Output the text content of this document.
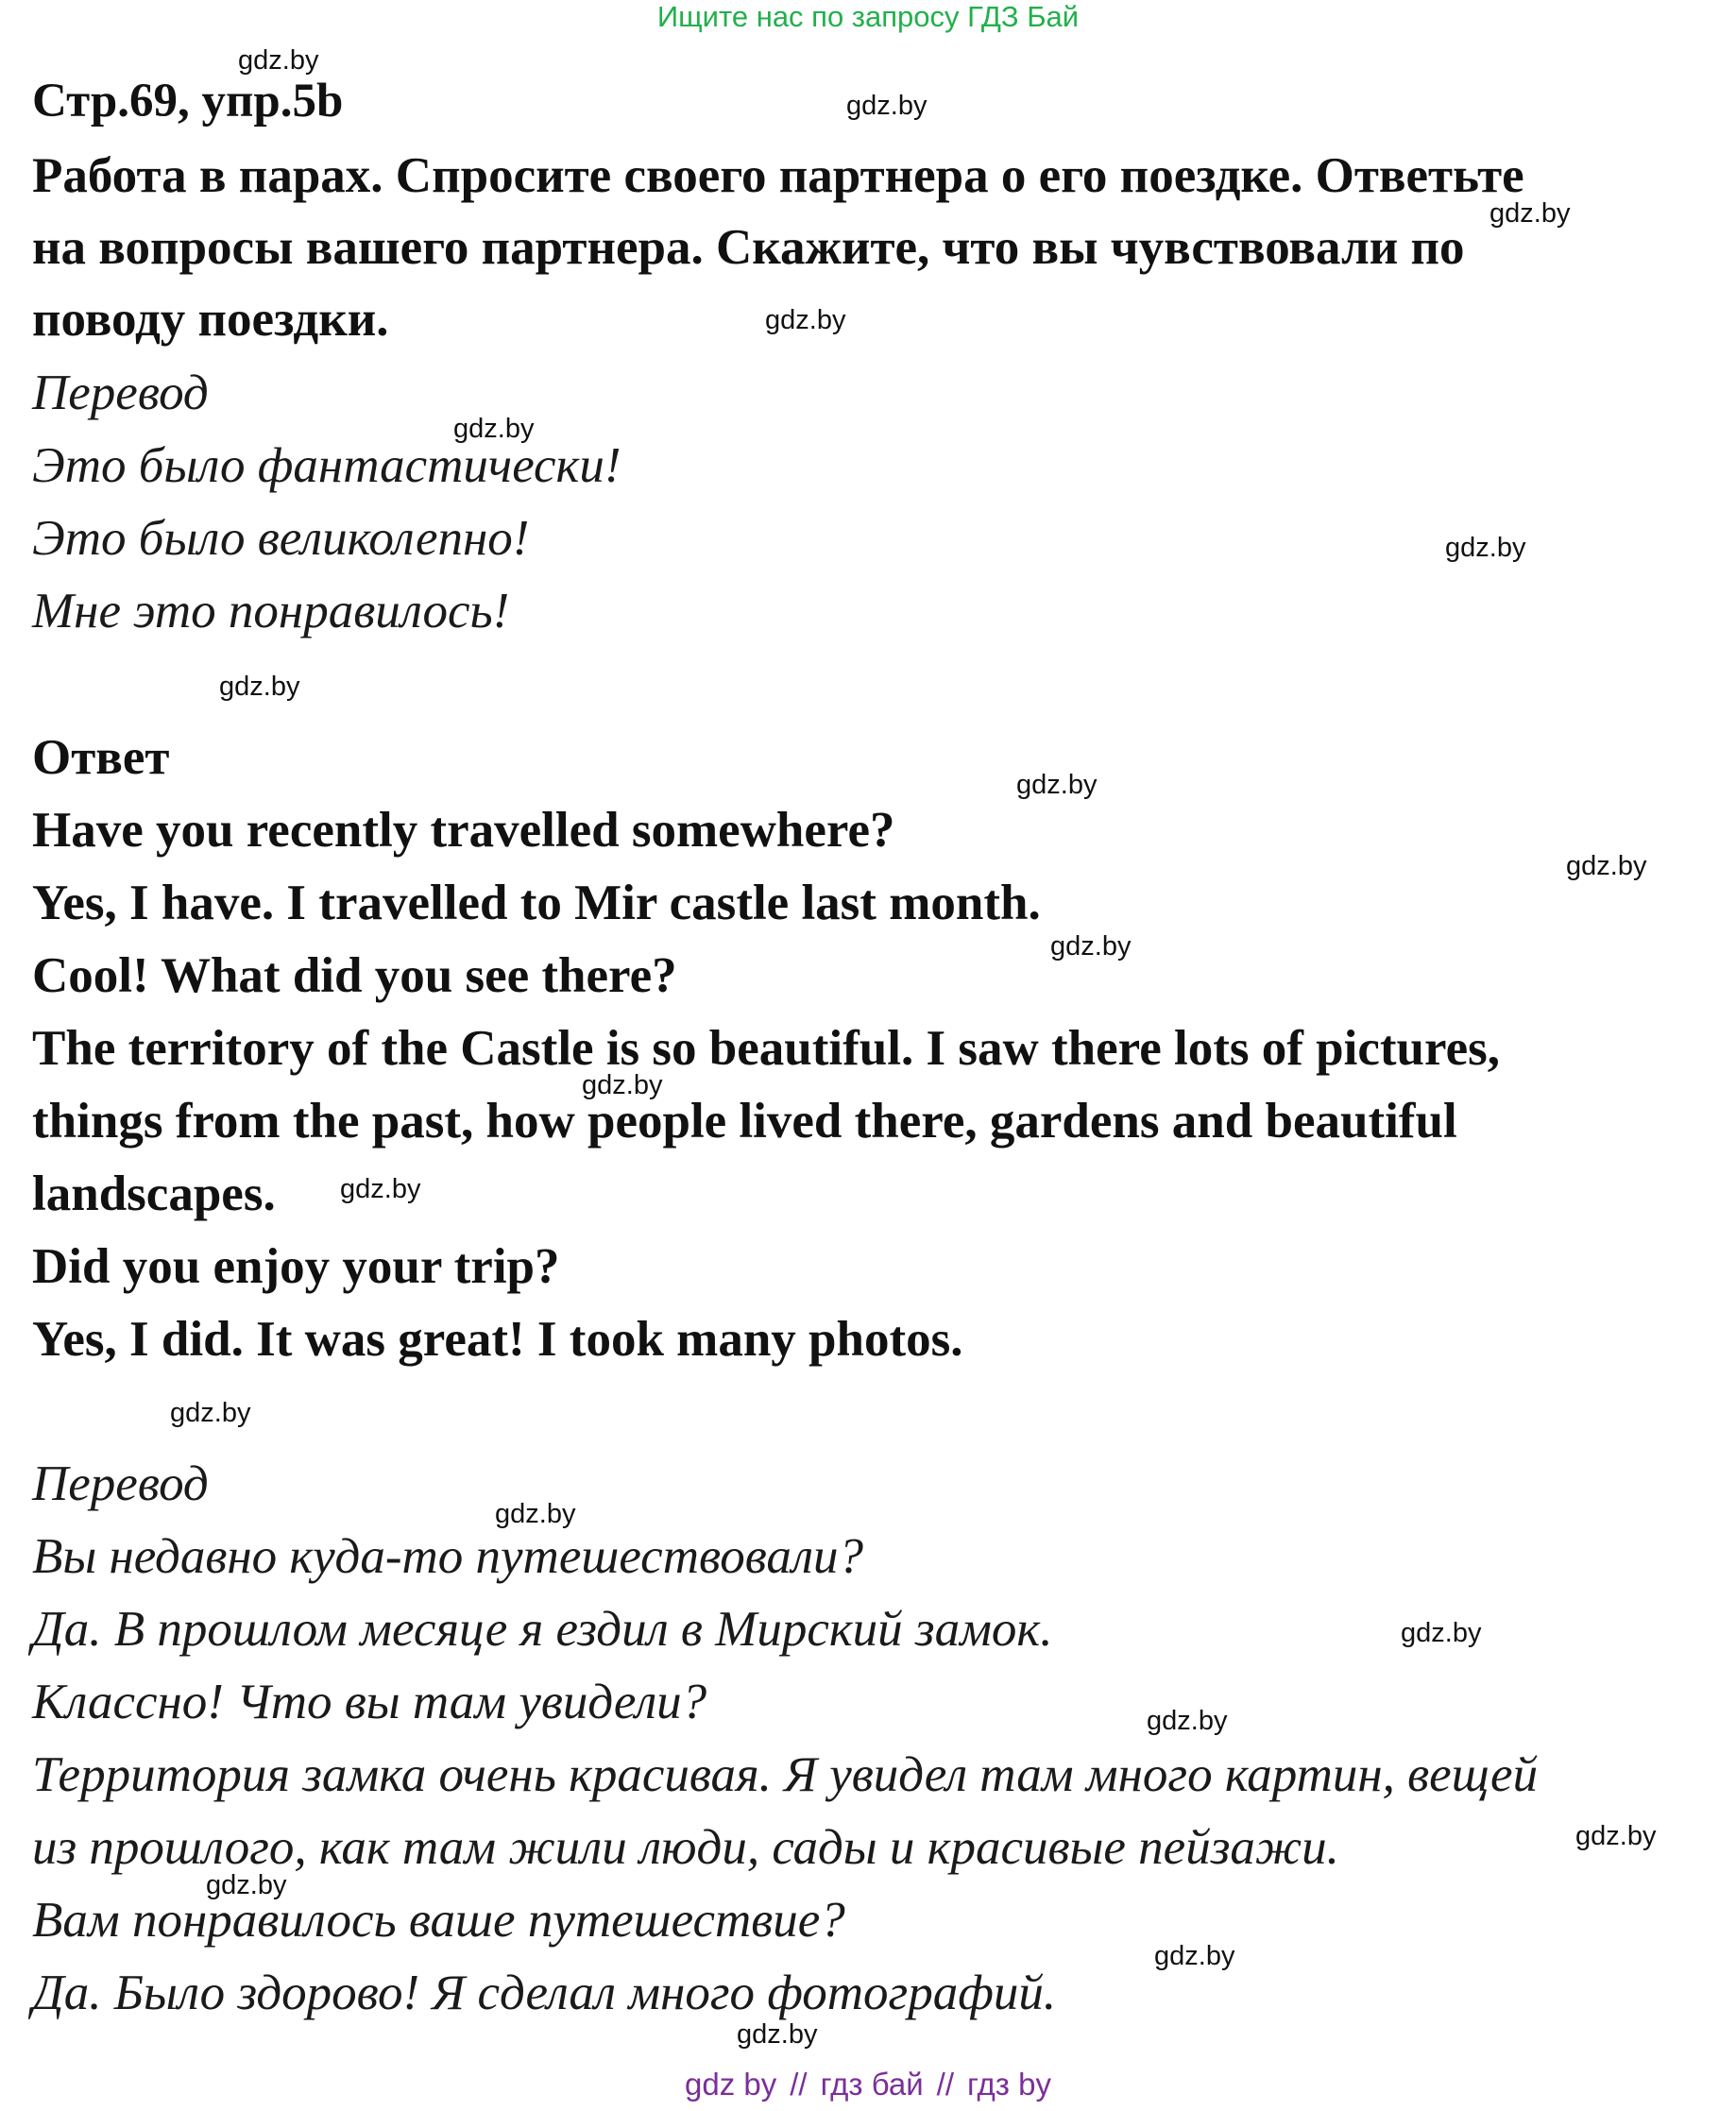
Ищите нас по запросу ГДЗ Бай
Стр.69, упр.5b
Работа в парах. Спросите своего партнера о его поездке. Ответьте
на вопросы вашего партнера. Скажите, что вы чувствовали по
поводу поездки.
Перевод
Это было фантастически!
Это было великолепно!
Мне это понравилось!
Ответ
Have you recently travelled somewhere?
Yes, I have. I travelled to Mir castle last month.
Cool! What did you see there?
The territory of the Castle is so beautiful. I saw there lots of pictures,
things from the past, how people lived there, gardens and beautiful
landscapes.
Did you enjoy your trip?
Yes, I did. It was great! I took many photos.
Перевод
Вы недавно куда-то путешествовали?
Да. В прошлом месяце я ездил в Мирский замок.
Классно! Что вы там увидели?
Территория замка очень красивая. Я увидел там много картин, вещей
из прошлого, как там жили люди, сады и красивые пейзажи.
Вам понравилось ваше путешествие?
Да. Было здорово! Я сделал много фотографий.
gdz.by
gdz.by
gdz.by
gdz.by
gdz.by
gdz.by
gdz.by
gdz.by
gdz.by
gdz.by
gdz.by
gdz.by
gdz.by
gdz.by
gdz.by
gdz.by
gdz.by
gdz.by
gdz.by
gdz.by
gdz by // гдз бай // гдз by
